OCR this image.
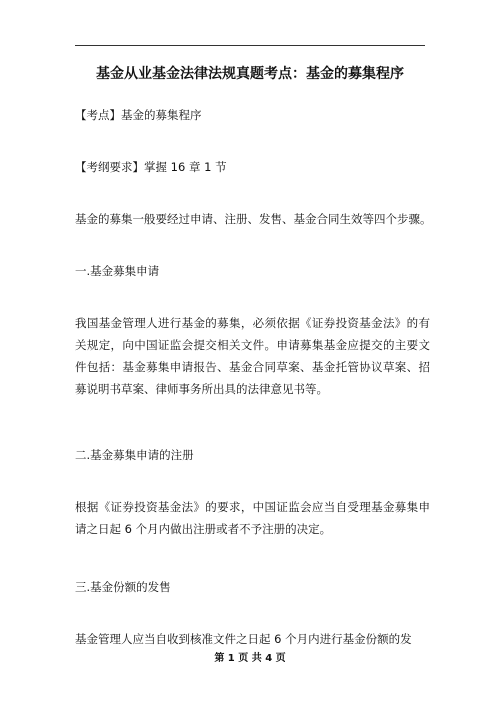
基金从业基金法律法规真题考点：基金的募集程序
【考点】基金的募集程序
【考纲要求】掌握 16 章 1 节
基金的募集一般要经过申请、注册、发售、基金合同生效等四个步骤。
一.基金募集申请
我国基金管理人进行基金的募集，必须依据《证券投资基金法》的有关规定，向中国证监会提交相关文件。申请募集基金应提交的主要文件包括：基金募集申请报告、基金合同草案、基金托管协议草案、招募说明书草案、律师事务所出具的法律意见书等。
二.基金募集申请的注册
根据《证券投资基金法》的要求，中国证监会应当自受理基金募集申请之日起 6 个月内做出注册或者不予注册的决定。
三.基金份额的发售
基金管理人应当自收到核准文件之日起 6 个月内进行基金份额的发
第 1 页 共 4 页
